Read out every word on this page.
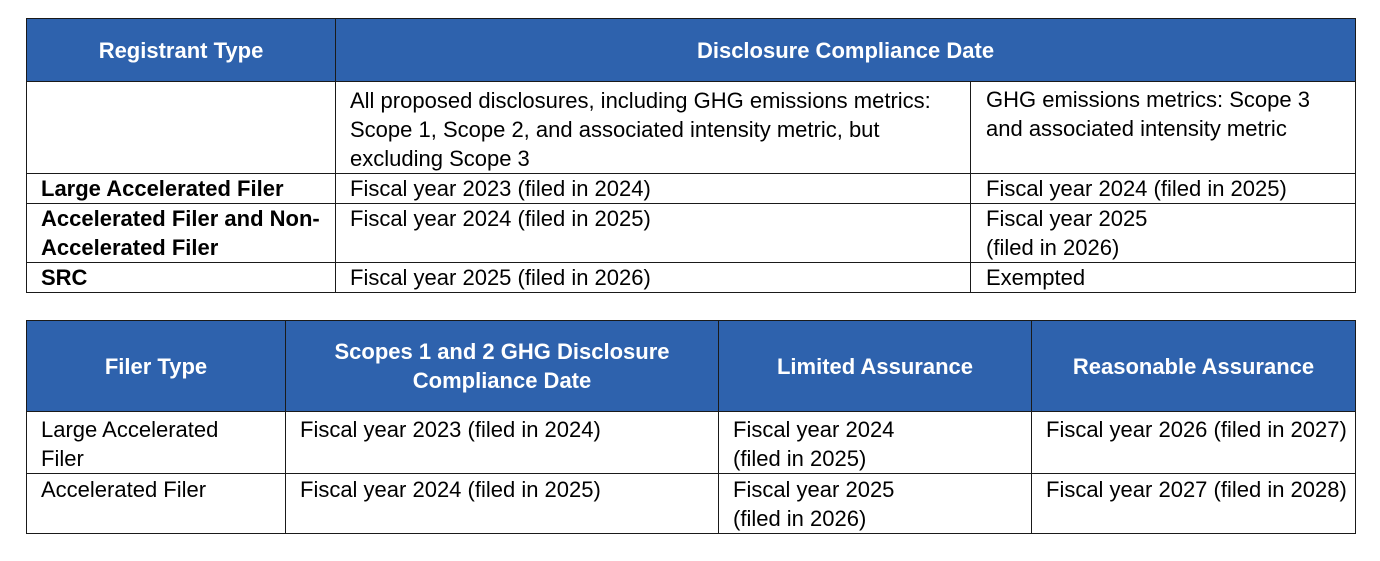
Registrant Type	Disclosure Compliance Date	
	All proposed disclosures, including GHG emissions metrics: Scope 1, Scope 2, and associated intensity metric, but excluding Scope 3	GHG emissions metrics: Scope 3 and associated intensity metric
Large Accelerated Filer	Fiscal year 2023 (filed in 2024)	Fiscal year 2024 (filed in 2025)
Accelerated Filer and Non-Accelerated Filer	Fiscal year 2024 (filed in 2025)	Fiscal year 2025 (filed in 2026)
SRC	Fiscal year 2025 (filed in 2026)	Exempted
Filer Type	Scopes 1 and 2 GHG Disclosure Compliance Date	Limited Assurance	Reasonable Assurance
Large Accelerated Filer	Fiscal year 2023 (filed in 2024)	Fiscal year 2024 (filed in 2025)	Fiscal year 2026 (filed in 2027)
Accelerated Filer	Fiscal year 2024 (filed in 2025)	Fiscal year 2025 (filed in 2026)	Fiscal year 2027 (filed in 2028)
